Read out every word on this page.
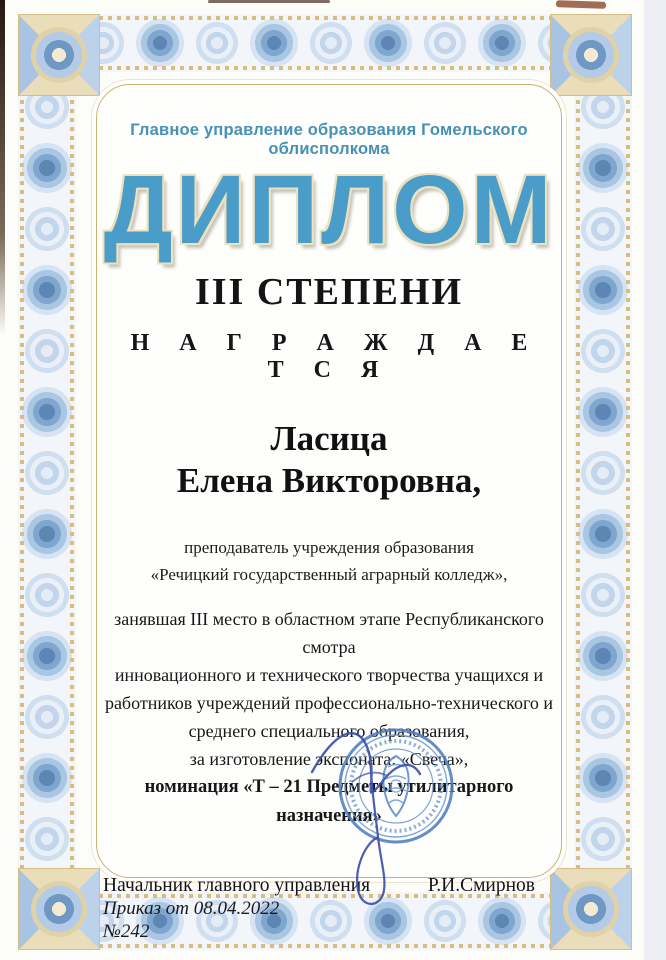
Главное управление образования Гомельского облисполкома
ДИПЛОМ
III СТЕПЕНИ
Н А Г Р А Ж Д А Е Т С Я
Ласица
Елена Викторовна,
преподаватель учреждения образования
«Речицкий государственный аграрный колледж»,
занявшая III место в областном этапе Республиканского смотра
инновационного и технического творчества учащихся и
работников учреждений профессионально-технического и
среднего специального образования,
за изготовление экспоната: «Свеча»,
номинация «Т – 21 Предметы утилитарного назначения»
Начальник главного управления	Р.И.Смирнов
Приказ от 08.04.2022
№242
